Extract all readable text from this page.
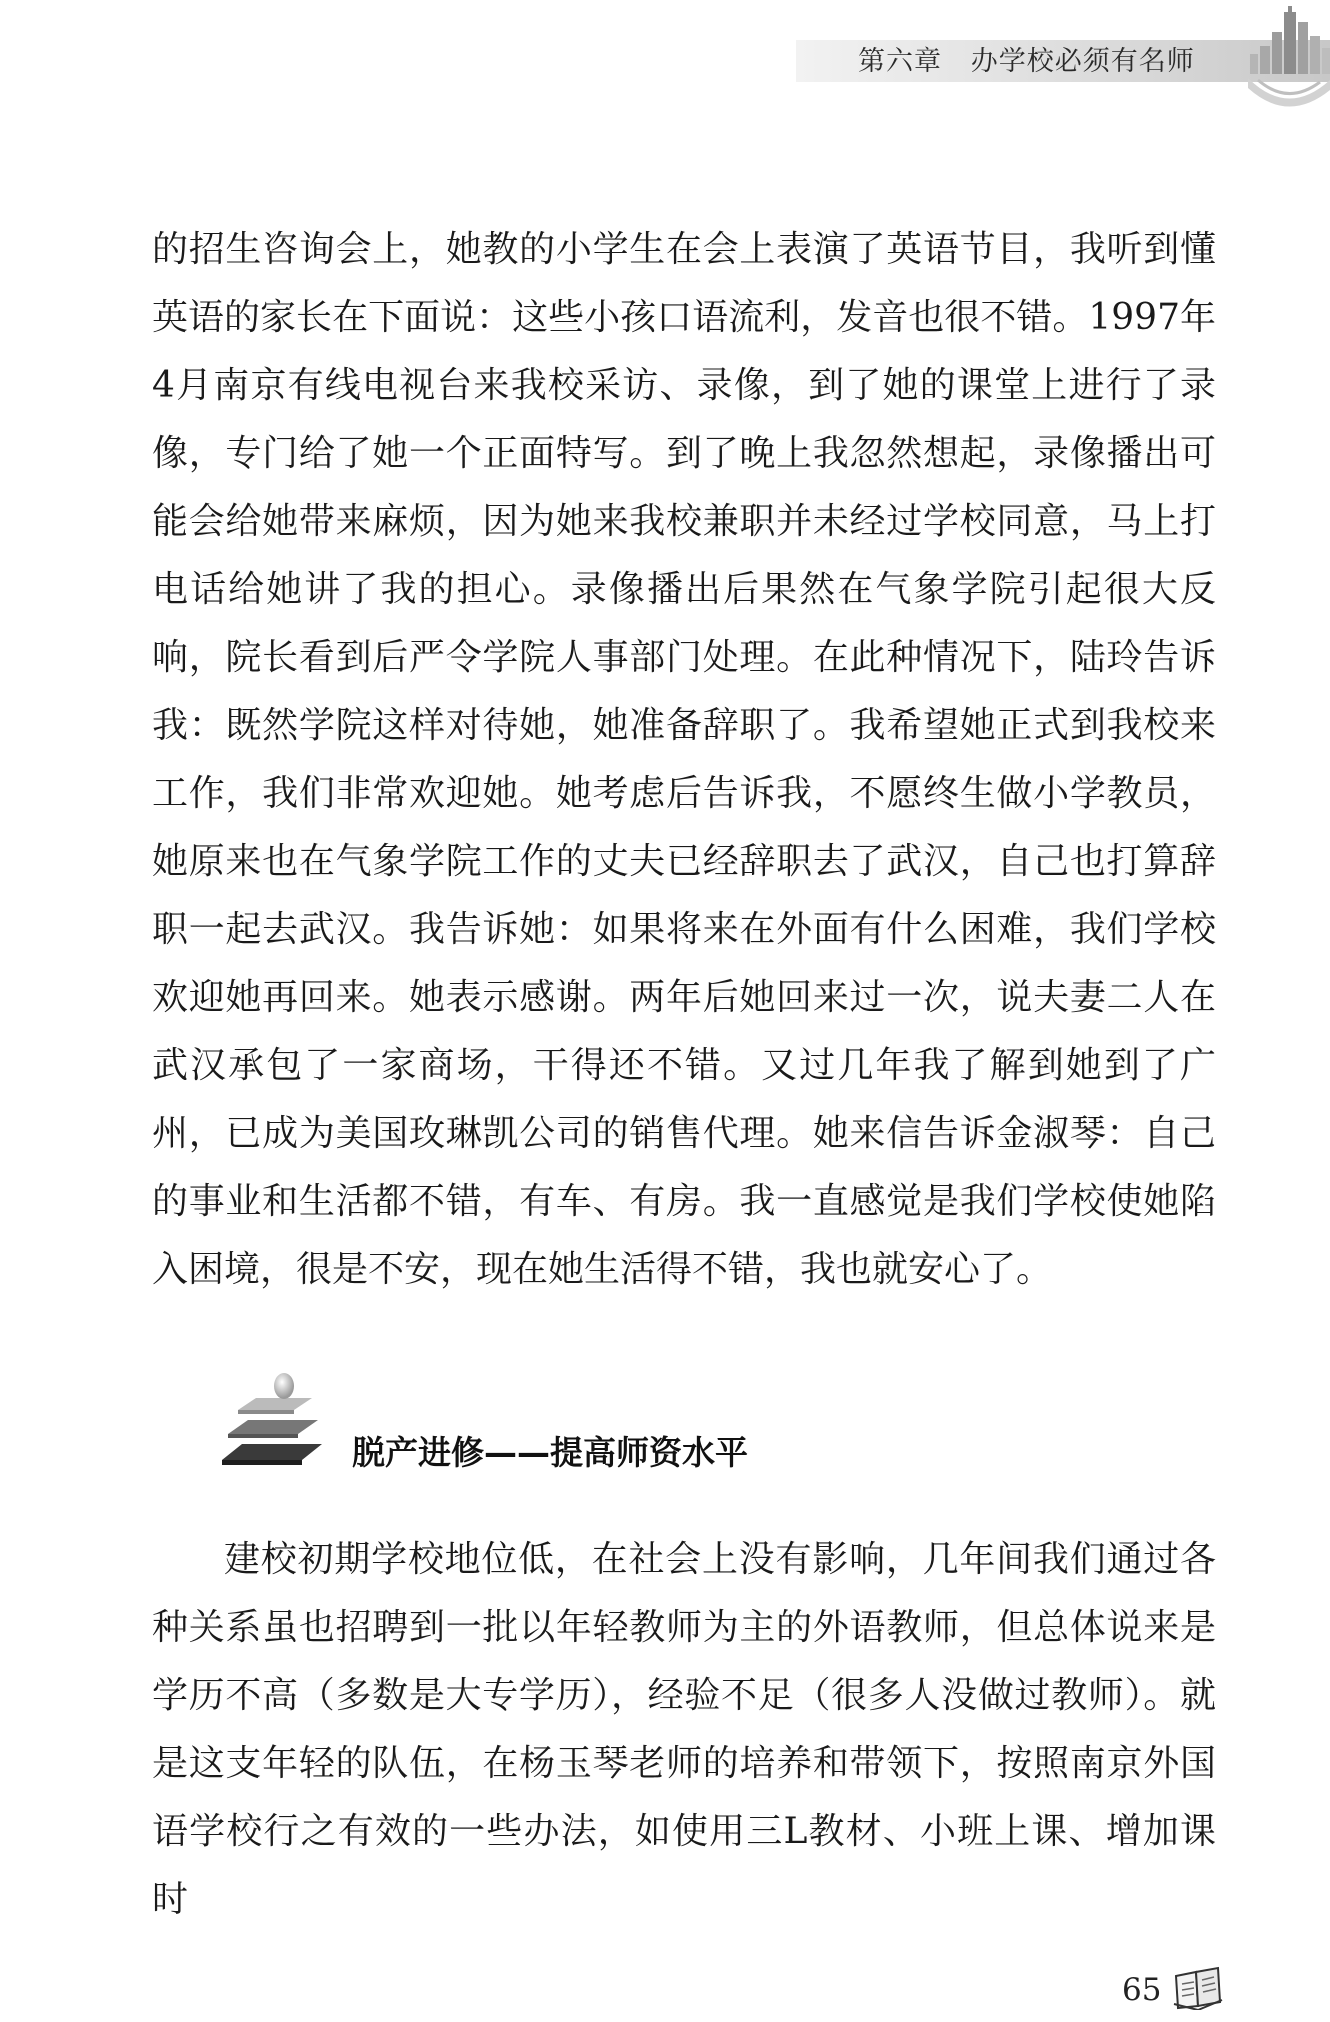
第六章 办学校必须有名师

的招生咨询会上，她教的小学生在会上表演了英语节目，我听到懂英语的家长在下面说：这些小孩口语流利，发音也很不错。1997年4月南京有线电视台来我校采访、录像，到了她的课堂上进行了录像，专门给了她一个正面特写。到了晚上我忽然想起，录像播出可能会给她带来麻烦，因为她来我校兼职并未经过学校同意，马上打电话给她讲了我的担心。录像播出后果然在气象学院引起很大反响，院长看到后严令学院人事部门处理。在此种情况下，陆玲告诉我：既然学院这样对待她，她准备辞职了。我希望她正式到我校来工作，我们非常欢迎她。她考虑后告诉我，不愿终生做小学教员，她原来也在气象学院工作的丈夫已经辞职去了武汉，自己也打算辞职一起去武汉。我告诉她：如果将来在外面有什么困难，我们学校欢迎她再回来。她表示感谢。两年后她回来过一次，说夫妻二人在武汉承包了一家商场，干得还不错。又过几年我了解到她到了广州，已成为美国玫琳凯公司的销售代理。她来信告诉金淑琴：自己的事业和生活都不错，有车、有房。我一直感觉是我们学校使她陷入困境，很是不安，现在她生活得不错，我也就安心了。

脱产进修——提高师资水平

建校初期学校地位低，在社会上没有影响，几年间我们通过各种关系虽也招聘到一批以年轻教师为主的外语教师，但总体说来是学历不高（多数是大专学历），经验不足（很多人没做过教师）。就是这支年轻的队伍，在杨玉琴老师的培养和带领下，按照南京外国语学校行之有效的一些办法，如使用三L教材、小班上课、增加课时

65
